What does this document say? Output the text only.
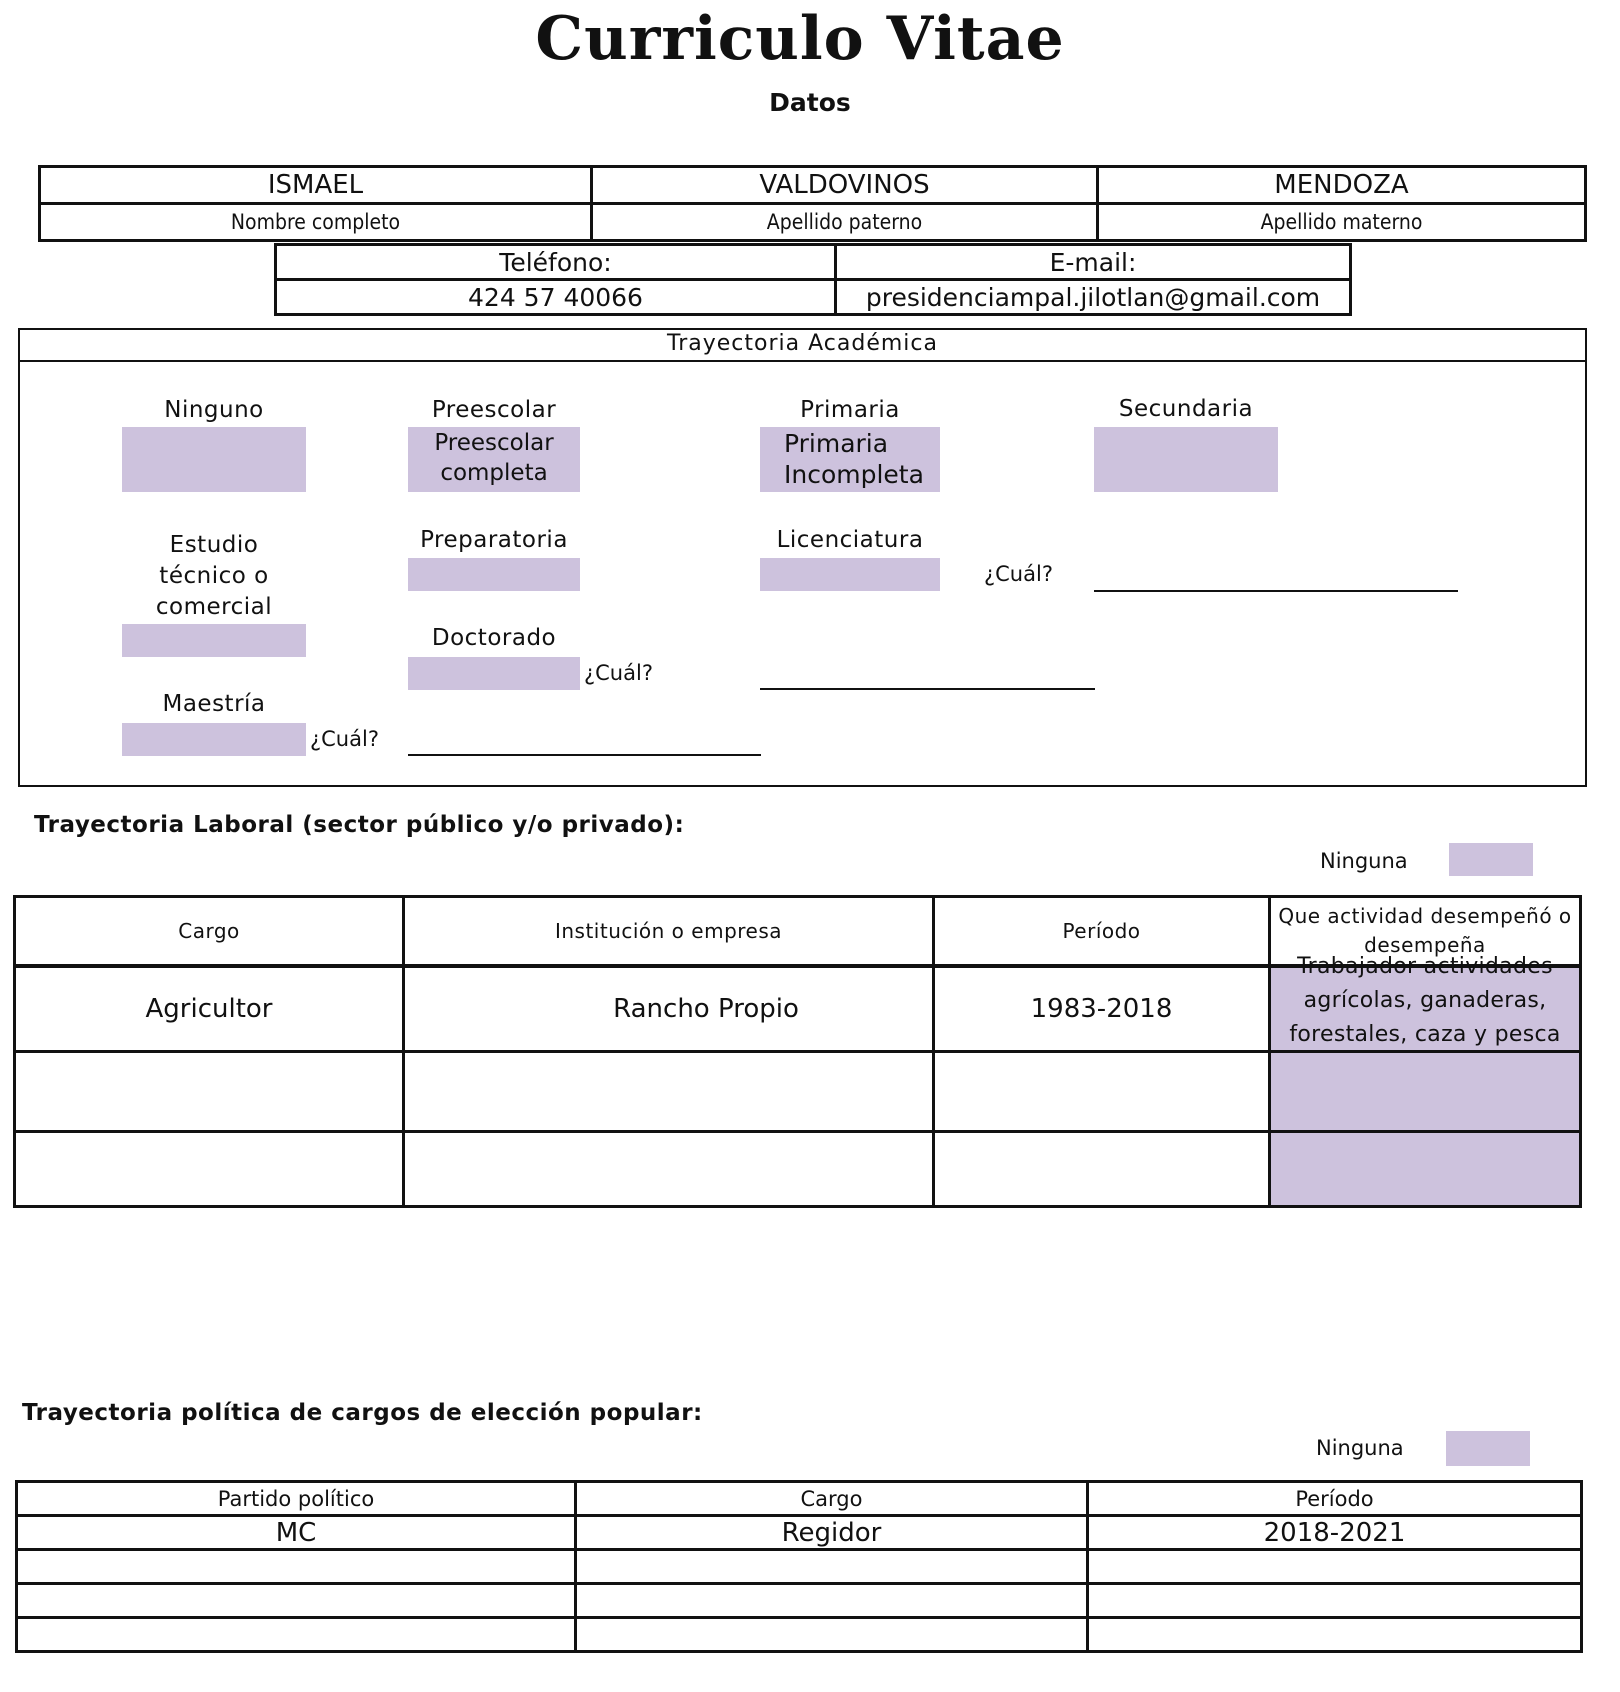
Curriculo Vitae
Datos
ISMAEL	VALDOVINOS	MENDOZA
Nombre completo	Apellido paterno	Apellido materno
Teléfono:	E-mail:
424 57 40066	presidenciampal.jilotlan@gmail.com
Trayectoria Académica
Ninguno	Preescolar
Preescolar
completa
Primaria
Primaria
Incompleta
Secundaria
Estudio
técnico o
comercial
Preparatoria	Licenciatura
¿Cuál?
Doctorado
¿Cuál?
Maestría
¿Cuál?
Trayectoria Laboral (sector público y/o privado):
Ninguna
Cargo	Institución o empresa	Período	Que actividad desempeñó o desempeña
Agricultor	Rancho Propio	1983-2018	Trabajador actividades
agrícolas, ganaderas,
forestales, caza y pesca

Trayectoria política de cargos de elección popular:
Ninguna
Partido político	Cargo	Período
MC	Regidor	2018-2021
